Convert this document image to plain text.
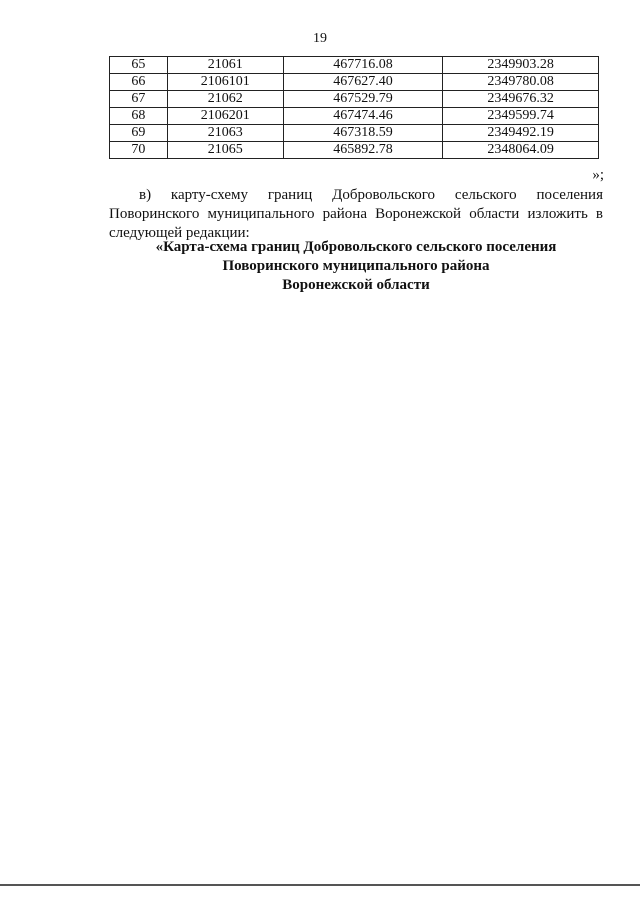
19
65	21061	467716.08	2349903.28
66	2106101	467627.40	2349780.08
67	21062	467529.79	2349676.32
68	2106201	467474.46	2349599.74
69	21063	467318.59	2349492.19
70	21065	465892.78	2348064.09
»;
в) карту-схему границ Добровольского сельского поселения Поворинского муниципального района Воронежской области изложить в следующей редакции:
«Карта-схема границ Добровольского сельского поселения
Поворинского муниципального района
Воронежской области
